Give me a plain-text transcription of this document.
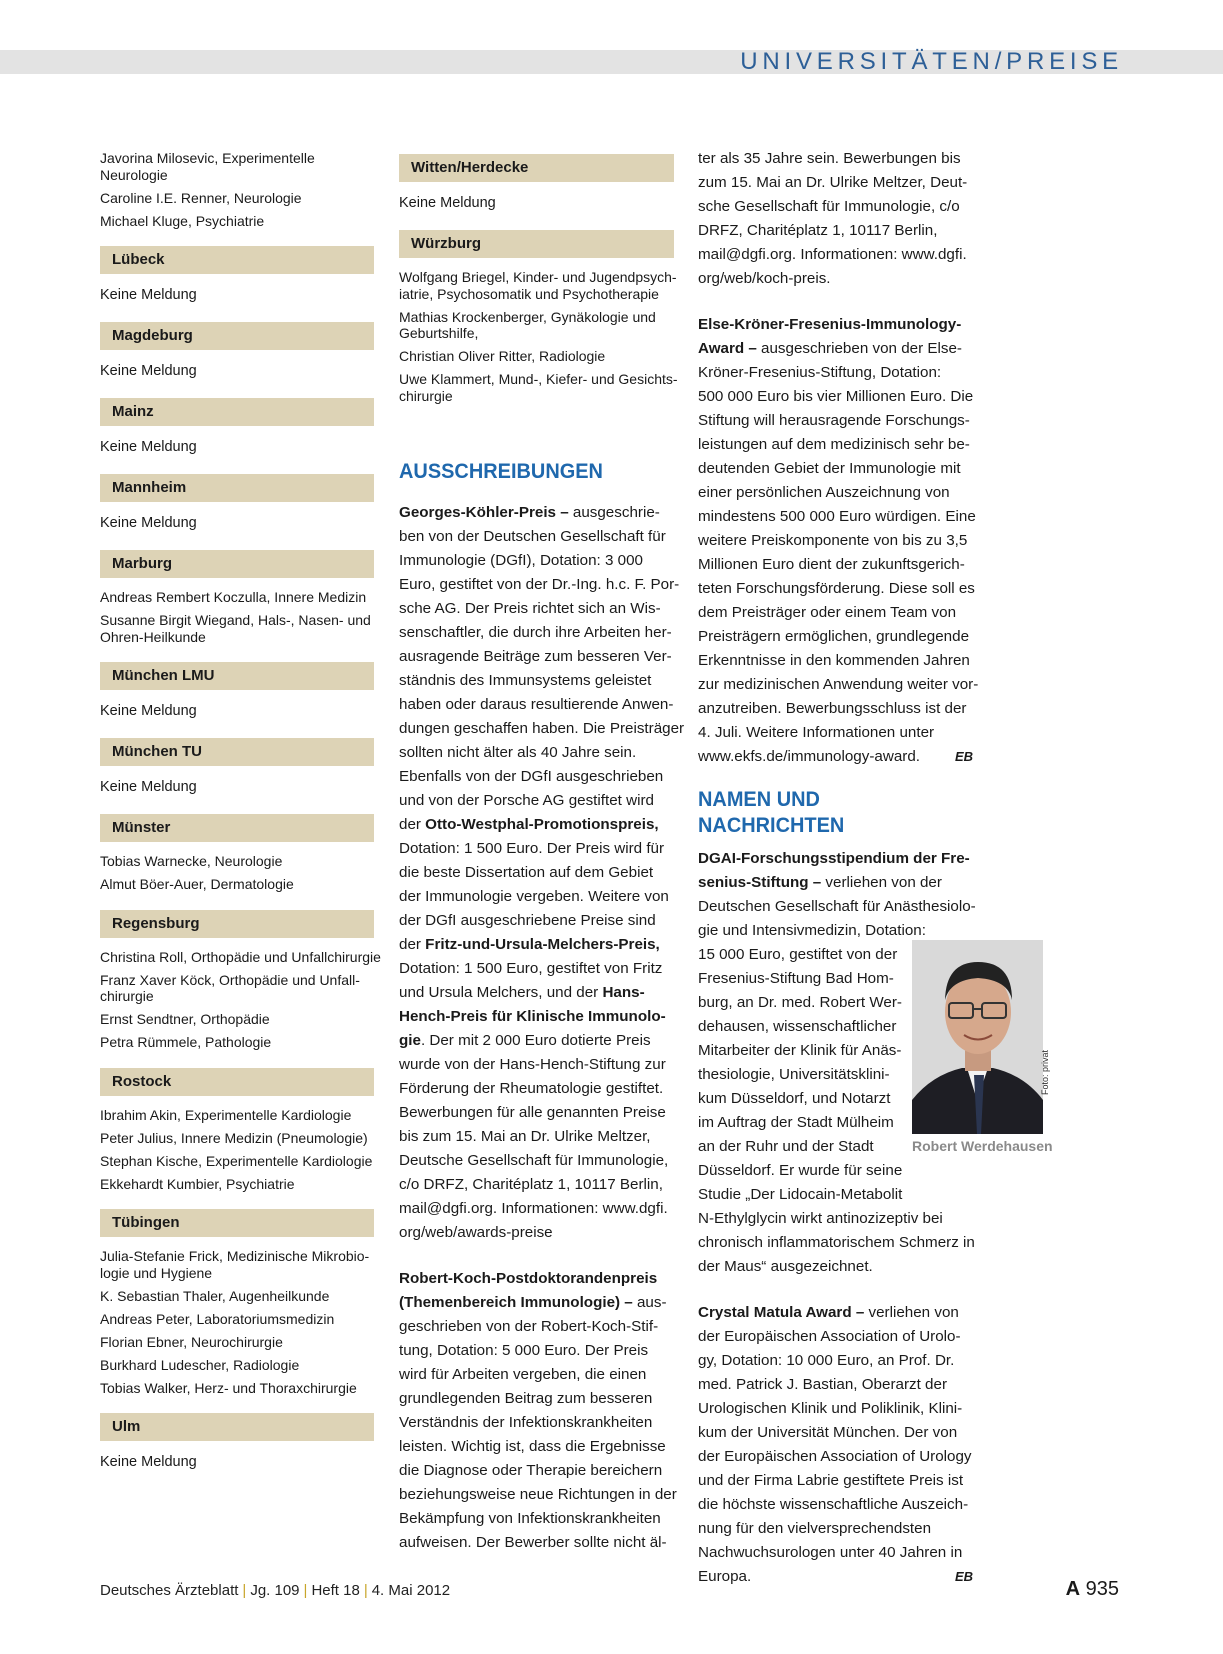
UNIVERSITÄTEN/PREISE
Javorina Milosevic, Experimentelle
Neurologie
Caroline I.E. Renner, Neurologie
Michael Kluge, Psychiatrie
Lübeck
Keine Meldung
Magdeburg
Keine Meldung
Mainz
Keine Meldung
Mannheim
Keine Meldung
Marburg
Andreas Rembert Koczulla, Innere Medizin
Susanne Birgit Wiegand, Hals-, Nasen- und
Ohren-Heilkunde
München LMU
Keine Meldung
München TU
Keine Meldung
Münster
Tobias Warnecke, Neurologie
Almut Böer-Auer, Dermatologie
Regensburg
Christina Roll, Orthopädie und Unfallchirurgie
Franz Xaver Köck, Orthopädie und Unfall-
chirurgie
Ernst Sendtner, Orthopädie
Petra Rümmele, Pathologie
Rostock
Ibrahim Akin, Experimentelle Kardiologie
Peter Julius, Innere Medizin (Pneumologie)
Stephan Kische, Experimentelle Kardiologie
Ekkehardt Kumbier, Psychiatrie
Tübingen
Julia-Stefanie Frick, Medizinische Mikrobio-
logie und Hygiene
K. Sebastian Thaler, Augenheilkunde
Andreas Peter, Laboratoriumsmedizin
Florian Ebner, Neurochirurgie
Burkhard Ludescher, Radiologie
Tobias Walker, Herz- und Thoraxchirurgie
Ulm
Keine Meldung
Witten/Herdecke
Keine Meldung
Würzburg
Wolfgang Briegel, Kinder- und Jugendpsych-
iatrie, Psychosomatik und Psychotherapie
Mathias Krockenberger, Gynäkologie und
Geburtshilfe,
Christian Oliver Ritter, Radiologie
Uwe Klammert, Mund-, Kiefer- und Gesichts-
chirurgie
AUSSCHREIBUNGEN
Georges-Köhler-Preis – ausgeschrie-
ben von der Deutschen Gesellschaft für
Immunologie (DGfI), Dotation: 3 000
Euro, gestiftet von der Dr.-Ing. h.c. F. Por-
sche AG. Der Preis richtet sich an Wis-
senschaftler, die durch ihre Arbeiten her-
ausragende Beiträge zum besseren Ver-
ständnis des Immunsystems geleistet
haben oder daraus resultierende Anwen-
dungen geschaffen haben. Die Preisträger
sollten nicht älter als 40 Jahre sein.
Ebenfalls von der DGfI ausgeschrieben
und von der Porsche AG gestiftet wird
der Otto-Westphal-Promotionspreis,
Dotation: 1 500 Euro. Der Preis wird für
die beste Dissertation auf dem Gebiet
der Immunologie vergeben. Weitere von
der DGfI ausgeschriebene Preise sind
der Fritz-und-Ursula-Melchers-Preis,
Dotation: 1 500 Euro, gestiftet von Fritz
und Ursula Melchers, und der Hans-
Hench-Preis für Klinische Immunolo-
gie. Der mit 2 000 Euro dotierte Preis
wurde von der Hans-Hench-Stiftung zur
Förderung der Rheumatologie gestiftet.
Bewerbungen für alle genannten Preise
bis zum 15. Mai an Dr. Ulrike Meltzer,
Deutsche Gesellschaft für Immunologie,
c/o DRFZ, Charitéplatz 1, 10117 Berlin,
mail@dgfi.org. Informationen: www.dgfi.
org/web/awards-preise
Robert-Koch-Postdoktorandenpreis
(Themenbereich Immunologie) – aus-
geschrieben von der Robert-Koch-Stif-
tung, Dotation: 5 000 Euro. Der Preis
wird für Arbeiten vergeben, die einen
grundlegenden Beitrag zum besseren
Verständnis der Infektionskrankheiten
leisten. Wichtig ist, dass die Ergebnisse
die Diagnose oder Therapie bereichern
beziehungsweise neue Richtungen in der
Bekämpfung von Infektionskrankheiten
aufweisen. Der Bewerber sollte nicht äl-
ter als 35 Jahre sein. Bewerbungen bis
zum 15. Mai an Dr. Ulrike Meltzer, Deut-
sche Gesellschaft für Immunologie, c/o
DRFZ, Charitéplatz 1, 10117 Berlin,
mail@dgfi.org. Informationen: www.dgfi.
org/web/koch-preis.
Else-Kröner-Fresenius-Immunology-
Award – ausgeschrieben von der Else-
Kröner-Fresenius-Stiftung, Dotation:
500 000 Euro bis vier Millionen Euro. Die
Stiftung will herausragende Forschungs-
leistungen auf dem medizinisch sehr be-
deutenden Gebiet der Immunologie mit
einer persönlichen Auszeichnung von
mindestens 500 000 Euro würdigen. Eine
weitere Preiskomponente von bis zu 3,5
Millionen Euro dient der zukunftsgerich-
teten Forschungsförderung. Diese soll es
dem Preisträger oder einem Team von
Preisträgern ermöglichen, grundlegende
Erkenntnisse in den kommenden Jahren
zur medizinischen Anwendung weiter vor-
anzutreiben. Bewerbungsschluss ist der
4. Juli. Weitere Informationen unter
www.ekfs.de/immunology-award.	EB
NAMEN UND NACHRICHTEN
DGAI-Forschungsstipendium der Fre-
senius-Stiftung – verliehen von der
Deutschen Gesellschaft für Anästhesiolo-
gie und Intensivmedizin, Dotation:
15 000 Euro, gestiftet von der
Fresenius-Stiftung Bad Hom-
burg, an Dr. med. Robert Wer-
dehausen, wissenschaftlicher
Mitarbeiter der Klinik für Anäs-
thesiologie, Universitätsklini-
kum Düsseldorf, und Notarzt
im Auftrag der Stadt Mülheim
an der Ruhr und der Stadt
Düsseldorf. Er wurde für seine
Studie „Der Lidocain-Metabolit
N-Ethylglycin wirkt antinozizeptiv bei
chronisch inflammatorischem Schmerz in
der Maus“ ausgezeichnet.
Crystal Matula Award – verliehen von
der Europäischen Association of Urolo-
gy, Dotation: 10 000 Euro, an Prof. Dr.
med. Patrick J. Bastian, Oberarzt der
Urologischen Klinik und Poliklinik, Klini-
kum der Universität München. Der von
der Europäischen Association of Urology
und der Firma Labrie gestiftete Preis ist
die höchste wissenschaftliche Auszeich-
nung für den vielversprechendsten
Nachwuchsurologen unter 40 Jahren in
Europa.	EB
Foto: privat
Robert Werdehausen
Deutsches Ärzteblatt | Jg. 109 | Heft 18 | 4. Mai 2012	A 935
